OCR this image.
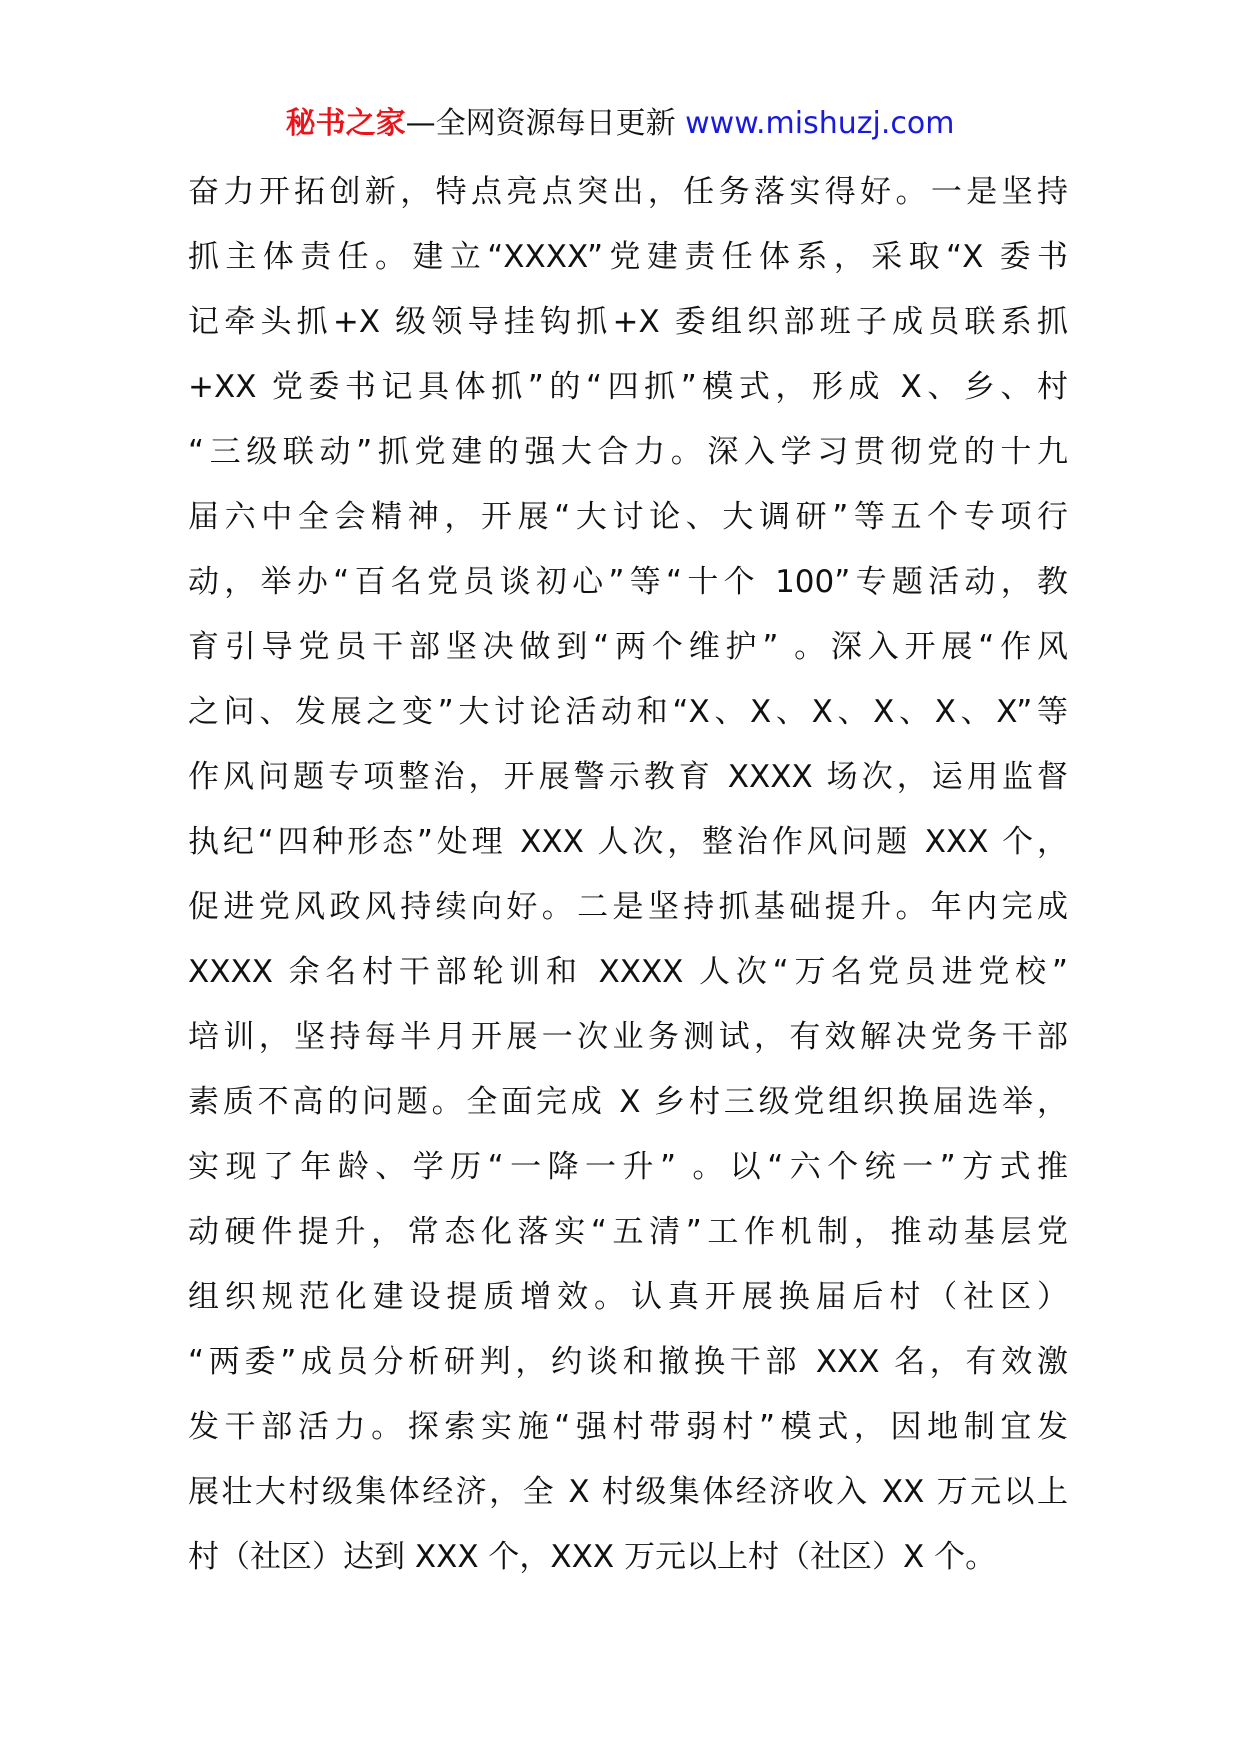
秘书之家—全网资源每日更新 www.mishuzj.com
奋力开拓创新，特点亮点突出，任务落实得好。一是坚持
抓主体责任。建立“XXXX”党建责任体系，采取“X 委书
记牵头抓+X 级领导挂钩抓+X 委组织部班子成员联系抓
+XX 党委书记具体抓”的“四抓”模式，形成 X、乡、村
“三级联动”抓党建的强大合力。深入学习贯彻党的十九
届六中全会精神，开展“大讨论、大调研”等五个专项行
动，举办“百名党员谈初心”等“十个 100”专题活动，教
育引导党员干部坚决做到“两个维护” 。深入开展“作风
之问、发展之变”大讨论活动和“X、X、X、X、X、X”等
作风问题专项整治，开展警示教育 XXXX 场次，运用监督
执纪“四种形态”处理 XXX 人次，整治作风问题 XXX 个，
促进党风政风持续向好。二是坚持抓基础提升。年内完成
XXXX 余名村干部轮训和 XXXX 人次“万名党员进党校”
培训，坚持每半月开展一次业务测试，有效解决党务干部
素质不高的问题。全面完成 X 乡村三级党组织换届选举，
实现了年龄、学历“一降一升” 。以“六个统一”方式推
动硬件提升，常态化落实“五清”工作机制，推动基层党
组织规范化建设提质增效。认真开展换届后村（社区）
“两委”成员分析研判，约谈和撤换干部 XXX 名，有效激
发干部活力。探索实施“强村带弱村”模式，因地制宜发
展壮大村级集体经济，全 X 村级集体经济收入 XX 万元以上
村（社区）达到 XXX 个，XXX 万元以上村（社区）X 个。
